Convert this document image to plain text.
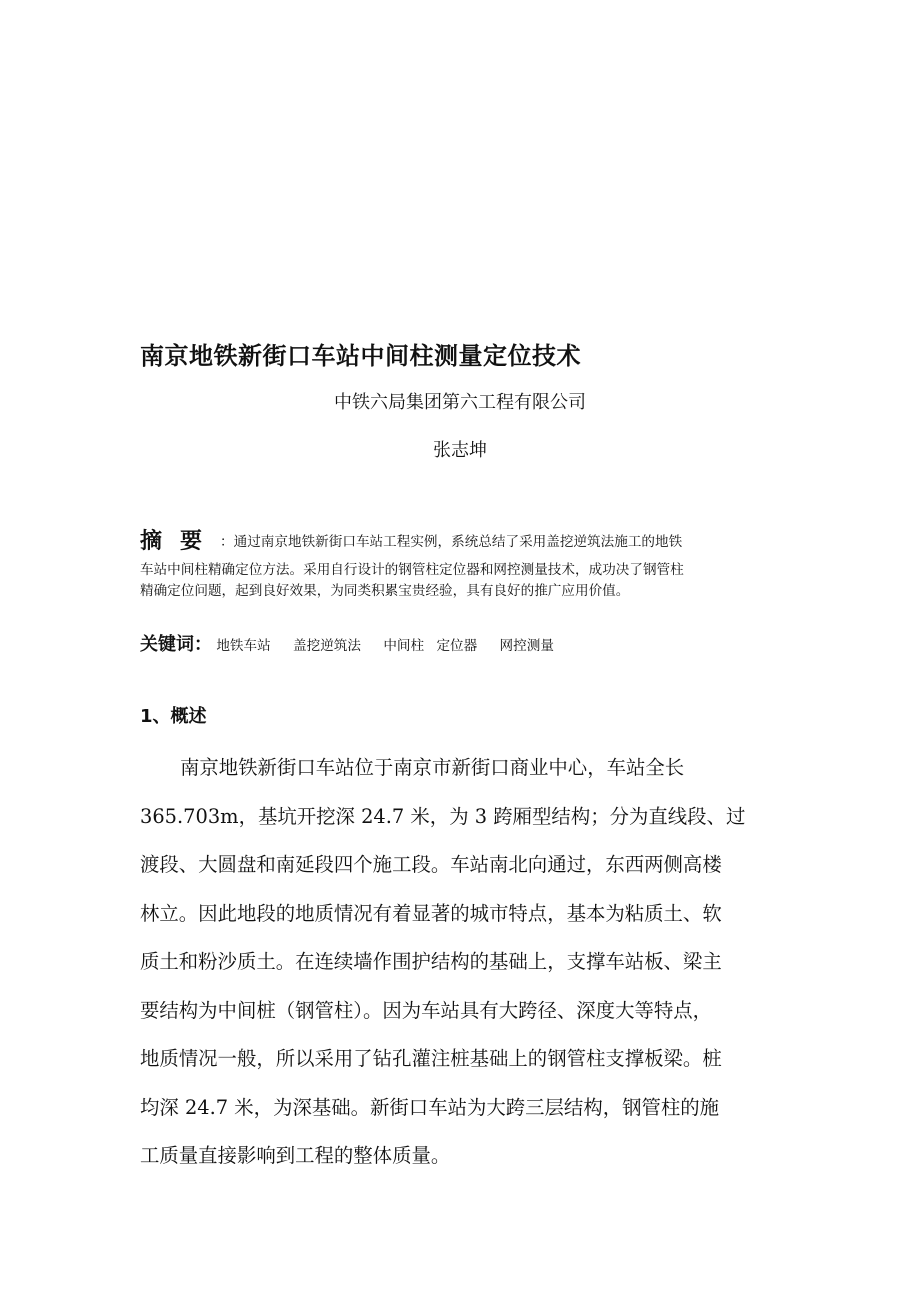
南京地铁新街口车站中间柱测量定位技术
中铁六局集团第六工程有限公司
张志坤
摘要：通过南京地铁新街口车站工程实例，系统总结了采用盖挖逆筑法施工的地铁
车站中间柱精确定位方法。采用自行设计的钢管柱定位器和网控测量技术，成功决了钢管柱
精确定位问题，起到良好效果，为同类积累宝贵经验，具有良好的推广应用价值。
关键词： 地铁车站 盖挖逆筑法 中间柱 定位器 网控测量
1、概述
南京地铁新街口车站位于南京市新街口商业中心，车站全长
365.703m，基坑开挖深 24.7 米，为 3 跨厢型结构；分为直线段、过
渡段、大圆盘和南延段四个施工段。车站南北向通过，东西两侧高楼
林立。因此地段的地质情况有着显著的城市特点，基本为粘质土、软
质土和粉沙质土。在连续墙作围护结构的基础上，支撑车站板、梁主
要结构为中间桩（钢管柱）。因为车站具有大跨径、深度大等特点，
地质情况一般，所以采用了钻孔灌注桩基础上的钢管柱支撑板梁。桩
均深 24.7 米，为深基础。新街口车站为大跨三层结构，钢管柱的施
工质量直接影响到工程的整体质量。
